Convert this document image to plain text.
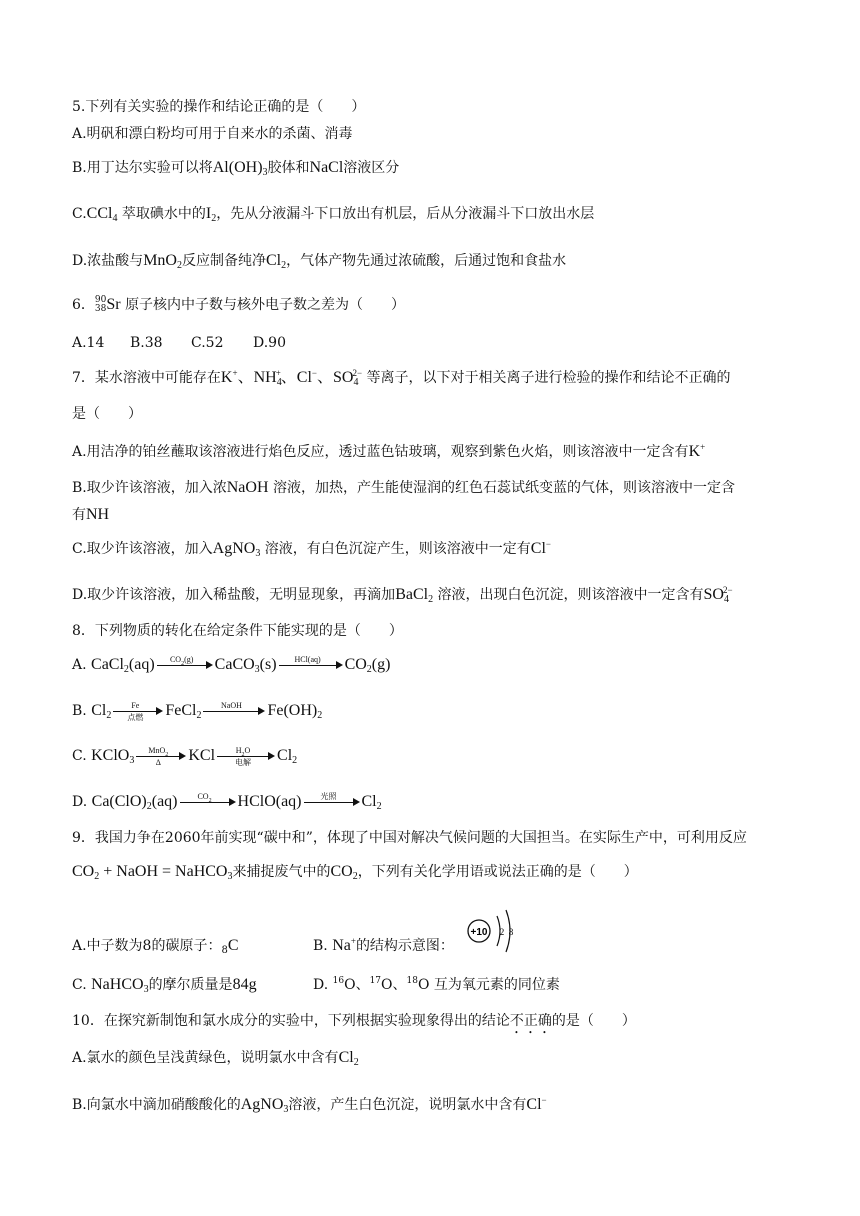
5.下列有关实验的操作和结论正确的是（　　）
A.明矾和漂白粉均可用于自来水的杀菌、消毒
B.用丁达尔实验可以将$Al(OH)_3$胶体和NaCl溶液区分
C.CCl$_4$ 萃取碘水中的$I_2$，先从分液漏斗下口放出有机层，后从分液漏斗下口放出水层
D.浓盐酸与MnO$_2$反应制备纯净$Cl_2$，气体产物先通过浓硫酸，后通过饱和食盐水
6． 90
38 Sr 原子核内中子数与核外电子数之差为（　　）
A.14 B.38 C.52 D.90
7．某水溶液中可能存在K+、$NH_4^+$、Cl−、$SO_4^{2-}$ 等离子，以下对于相关离子进行检验的操作和结论不正确的
是（　　）
A.用洁净的铂丝蘸取该溶液进行焰色反应，透过蓝色钴玻璃，观察到紫色火焰，则该溶液中一定含有K+
B.取少许该溶液，加入浓NaOH 溶液，加热，产生能使湿润的红色石蕊试纸变蓝的气体，则该溶液中一定含
有NH
C.取少许该溶液，加入AgNO$_3$ 溶液，有白色沉淀产生，则该溶液中一定有Cl−
D.取少许该溶液，加入稀盐酸，无明显现象，再滴加BaCl$_2$ 溶液，出现白色沉淀，则该溶液中一定含有$SO_4^{2-}$
8．下列物质的转化在给定条件下能实现的是（　　）
A. CaCl$_2$(aq)	$CO_2(g)$	CaCO$_3$(s)	HCl(aq)	$CO_2(g)$
B. $Cl_2$
Fe
点燃	FeCl$_2$
NaOH	$Fe(OH)_2$
C. KClO$_3$
MnO$_2$
Δ	KCl	$H_2O$
电解	$Cl_2$
D. $Ca(ClO)_2(aq)$	$CO_2$	HClO(aq)	光照	$Cl_2$
9．我国力争在2060年前实现“碳中和”，体现了中国对解决气候问题的大国担当。在实际生产中，可利用反应
$CO_2$ + NaOH = NaHCO$_3$来捕捉废气中的$CO_2$，下列有关化学用语或说法正确的是（　　）
A.中子数为8的碳原子：$_8$C	B. Na+的结构示意图：
+10 2 8
C. NaHCO$_3$的摩尔质量是84g	D. $^{16}$O、$^{17}$O、$^{18}$O 互为氧元素的同位素
10．在探究新制饱和氯水成分的实验中，下列根据实验现象得出的结论不正确的是（　　）
A.氯水的颜色呈浅黄绿色，说明氯水中含有$Cl_2$
B.向氯水中滴加硝酸酸化的AgNO$_3$溶液，产生白色沉淀，说明氯水中含有Cl−
